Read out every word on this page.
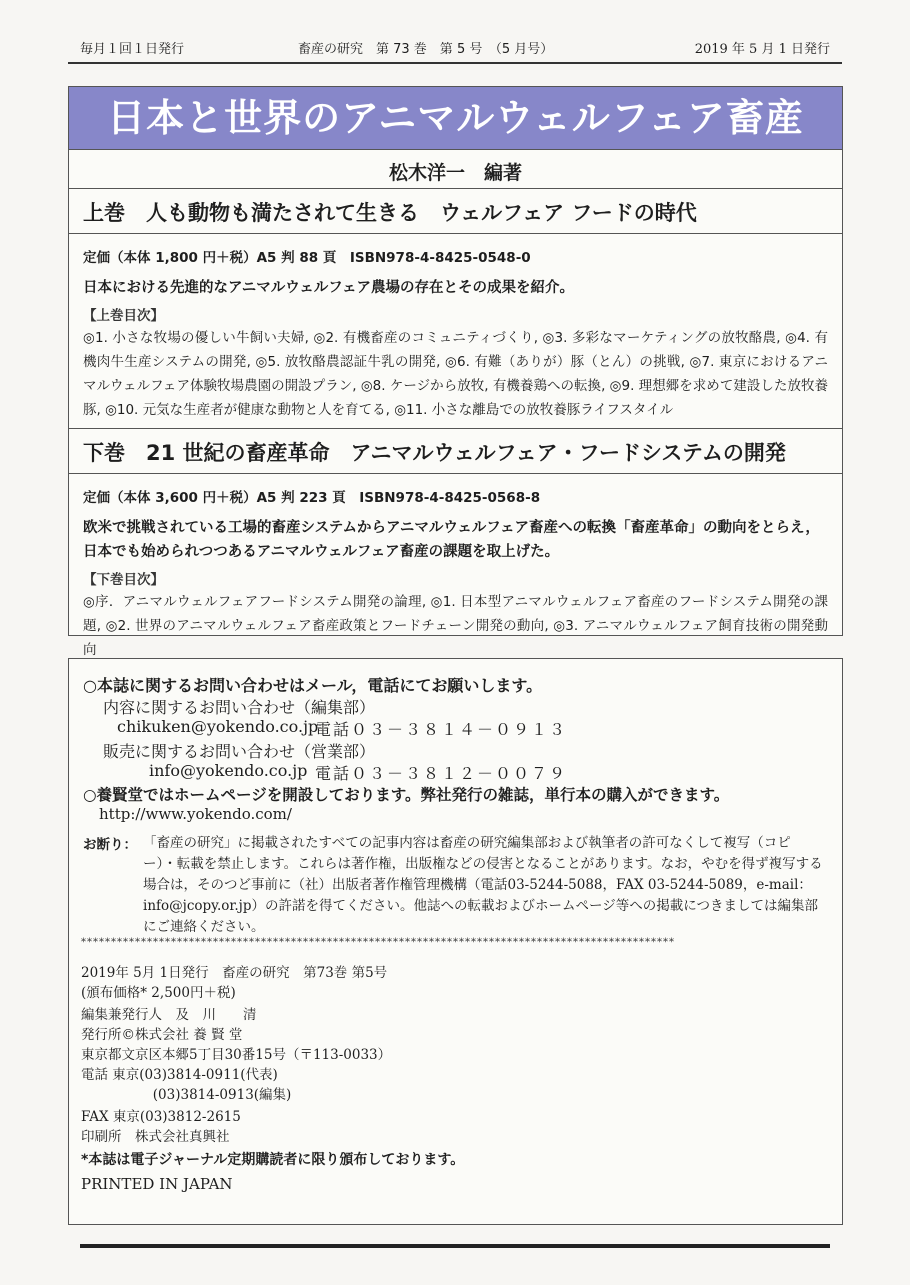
毎月１回１日発行	畜産の研究　第 73 巻　第 5 号　（5 月号）	2019 年 5 月 1 日発行
日本と世界のアニマルウェルフェア畜産
松木洋一　編著
上巻　人も動物も満たされて生きる　ウェルフェア フードの時代
定価（本体 1,800 円＋税）A5 判 88 頁　ISBN978-4-8425-0548-0
日本における先進的なアニマルウェルフェア農場の存在とその成果を紹介。
【上巻目次】
◎1. 小さな牧場の優しい牛飼い夫婦, ◎2. 有機畜産のコミュニティづくり, ◎3. 多彩なマーケティングの放牧酪農, ◎4. 有機肉牛生産システムの開発, ◎5. 放牧酪農認証牛乳の開発, ◎6. 有難（ありが）豚（とん）の挑戦, ◎7. 東京におけるアニマルウェルフェア体験牧場農園の開設プラン, ◎8. ケージから放牧, 有機養鶏への転換, ◎9. 理想郷を求めて建設した放牧養豚, ◎10. 元気な生産者が健康な動物と人を育てる, ◎11. 小さな離島での放牧養豚ライフスタイル
下巻　21 世紀の畜産革命　アニマルウェルフェア・フードシステムの開発
定価（本体 3,600 円＋税）A5 判 223 頁　ISBN978-4-8425-0568-8
欧米で挑戦されている工場的畜産システムからアニマルウェルフェア畜産への転換「畜産革命」の動向をとらえ，日本でも始められつつあるアニマルウェルフェア畜産の課題を取上げた。
【下巻目次】
◎序．アニマルウェルフェアフードシステム開発の論理, ◎1. 日本型アニマルウェルフェア畜産のフードシステム開発の課題, ◎2. 世界のアニマルウェルフェア畜産政策とフードチェーン開発の動向, ◎3. アニマルウェルフェア飼育技術の開発動向
○本誌に関するお問い合わせはメール，電話にてお願いします。
内容に関するお問い合わせ（編集部）
chikuken@yokendo.co.jp
電話０３－３８１４－０９１３
販売に関するお問い合わせ（営業部）
info@yokendo.co.jp 電話０３－３８１２－００７９
○養賢堂ではホームページを開設しております。弊社発行の雑誌，単行本の購入ができます。
http://www.yokendo.com/
お断り： 「畜産の研究」に掲載されたすべての記事内容は畜産の研究編集部および執筆者の許可なくして複写（コピー）・転載を禁止します。これらは著作権，出版権などの侵害となることがあります。なお，やむを得ず複写する場合は，そのつど事前に（社）出版者著作権管理機構（電話03-5244-5088，FAX 03-5244-5089，e-mail：info@jcopy.or.jp）の許諾を得てください。他誌への転載およびホームページ等への掲載につきましては編集部にご連絡ください。
***************************************************************************************************
2019年 5月 1日発行　畜産の研究　第73巻 第5号
(頒布価格* 2,500円＋税)
編集兼発行人　及　川　　清
発行所©株式会社 養 賢 堂
東京都文京区本郷5丁目30番15号（〒113-0033）
電話 東京(03)3814-0911(代表)
　　　　　 (03)3814-0913(編集)
FAX 東京(03)3812-2615
印刷所　株式会社真興社
*本誌は電子ジャーナル定期購読者に限り頒布しております。
PRINTED IN JAPAN
